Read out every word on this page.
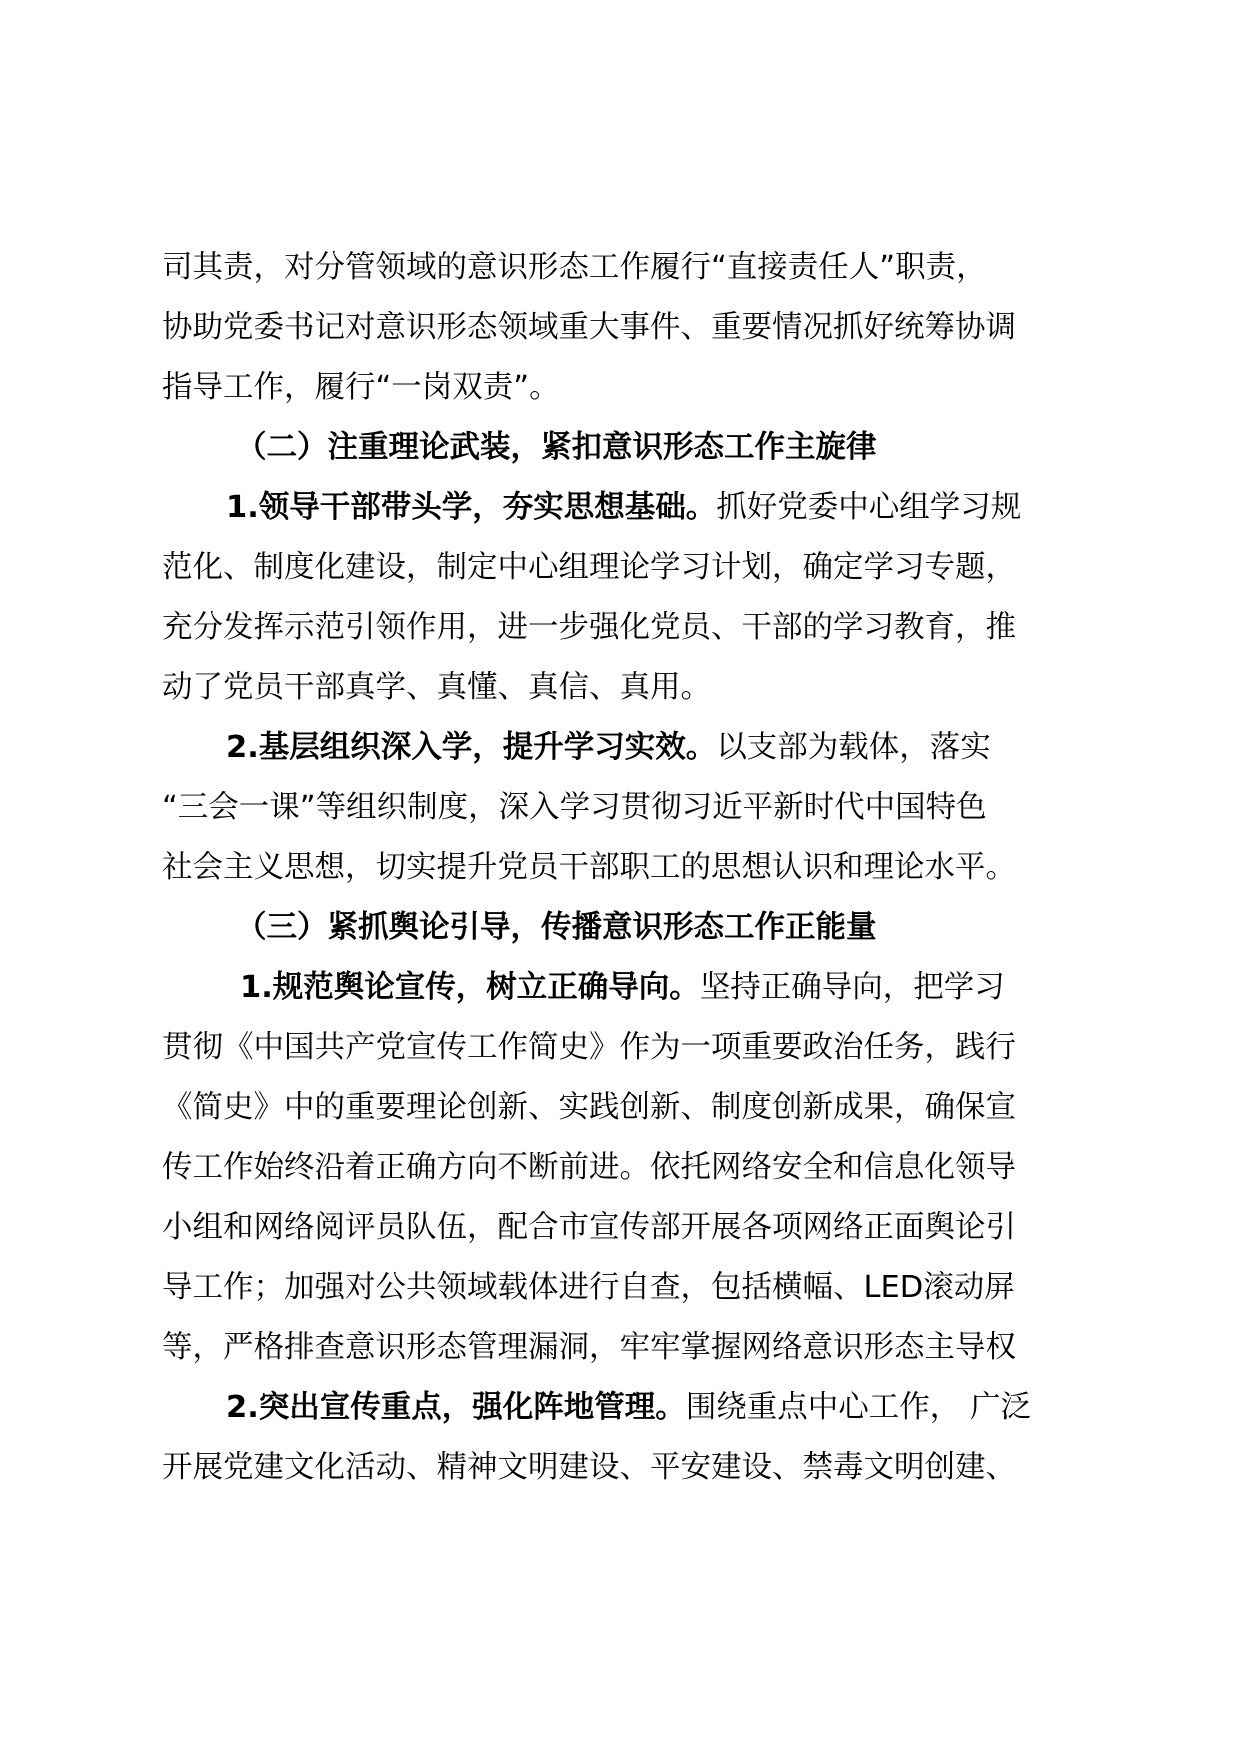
司其责，对分管领域的意识形态工作履行“直接责任人”职责，
协助党委书记对意识形态领域重大事件、重要情况抓好统筹协调
指导工作，履行“一岗双责”。
（二）注重理论武装，紧扣意识形态工作主旋律
1.领导干部带头学，夯实思想基础。抓好党委中心组学习规
范化、制度化建设，制定中心组理论学习计划，确定学习专题，
充分发挥示范引领作用，进一步强化党员、干部的学习教育，推
动了党员干部真学、真懂、真信、真用。
2.基层组织深入学，提升学习实效。以支部为载体，落实
“三会一课”等组织制度，深入学习贯彻习近平新时代中国特色
社会主义思想，切实提升党员干部职工的思想认识和理论水平。
（三）紧抓舆论引导，传播意识形态工作正能量
1.规范舆论宣传，树立正确导向。坚持正确导向，把学习
贯彻《中国共产党宣传工作简史》作为一项重要政治任务，践行
《简史》中的重要理论创新、实践创新、制度创新成果，确保宣
传工作始终沿着正确方向不断前进。依托网络安全和信息化领导
小组和网络阅评员队伍，配合市宣传部开展各项网络正面舆论引
导工作；加强对公共领域载体进行自查，包括横幅、LED滚动屏
等，严格排查意识形态管理漏洞，牢牢掌握网络意识形态主导权
2.突出宣传重点，强化阵地管理。围绕重点中心工作， 广泛
开展党建文化活动、精神文明建设、平安建设、禁毒文明创建、
